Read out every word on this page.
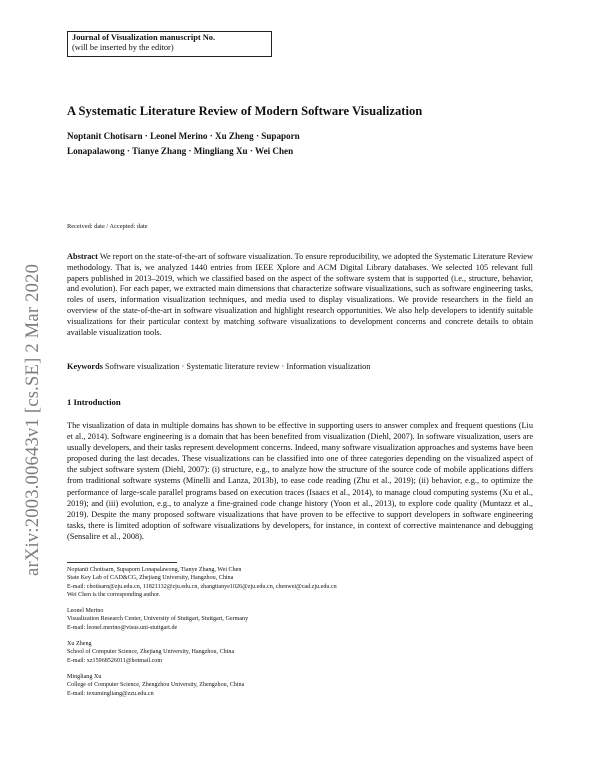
Journal of Visualization manuscript No.
(will be inserted by the editor)
A Systematic Literature Review of Modern Software Visualization
Noptanit Chotisarn · Leonel Merino · Xu Zheng · Supaporn
Lonapalawong · Tianye Zhang · Mingliang Xu · Wei Chen
arXiv:2003.00643v1 [cs.SE] 2 Mar 2020
Received: date / Accepted: date
Abstract We report on the state-of-the-art of software visualization. To ensure reproducibility, we adopted the Systematic Literature Review methodology. That is, we analyzed 1440 entries from IEEE Xplore and ACM Digital Library databases. We selected 105 relevant full papers published in 2013–2019, which we classified based on the aspect of the software system that is supported (i.e., structure, behavior, and evolution). For each paper, we extracted main dimensions that characterize software visualizations, such as software engineering tasks, roles of users, information visualization techniques, and media used to display visualizations. We provide researchers in the field an overview of the state-of-the-art in software visualization and highlight research opportunities. We also help developers to identify suitable visualizations for their particular context by matching software visualizations to development concerns and concrete details to obtain available visualization tools.
Keywords Software visualization · Systematic literature review · Information visualization
1 Introduction
The visualization of data in multiple domains has shown to be effective in supporting users to answer complex and frequent questions (Liu et al., 2014). Software engineering is a domain that has been benefited from visualization (Diehl, 2007). In software visualization, users are usually developers, and their tasks represent development concerns. Indeed, many software visualization approaches and systems have been proposed during the last decades. These visualizations can be classified into one of three categories depending on the visualized aspect of the subject software system (Diehl, 2007): (i) structure, e.g., to analyze how the structure of the source code of mobile applications differs from traditional software systems (Minelli and Lanza, 2013b), to ease code reading (Zhu et al., 2019); (ii) behavior, e.g., to optimize the performance of large-scale parallel programs based on execution traces (Isaacs et al., 2014), to manage cloud computing systems (Xu et al., 2019); and (iii) evolution, e.g., to analyze a fine-grained code change history (Yoon et al., 2013), to explore code quality (Muntazz et al., 2019). Despite the many proposed software visualizations that have proven to be effective to support developers in software engineering tasks, there is limited adoption of software visualizations by developers, for instance, in context of corrective maintenance and debugging (Sensalire et al., 2008).
Noptanit Chotisarn, Supaporn Lonapalawong, Tianye Zhang, Wei Chen
State Key Lab of CAD&CG, Zhejiang University, Hangzhou, China
E-mail: chotisarn@zju.edu.cn, 11821132@zju.edu.cn, zhangtianye1026@zju.edu.cn, chenwei@cad.zju.edu.cn
Wei Chen is the corresponding author.
Leonel Merino
Visualization Research Center, University of Stuttgart, Stuttgart, Germany
E-mail: leonel.merino@visus.uni-stuttgart.de
Xu Zheng
School of Computer Science, Zhejiang University, Hangzhou, China
E-mail: xz15968526011@hotmail.com
Mingliang Xu
College of Computer Science, Zhengzhou University, Zhengzhou, China
E-mail: iexumingliang@zzu.edu.cn
